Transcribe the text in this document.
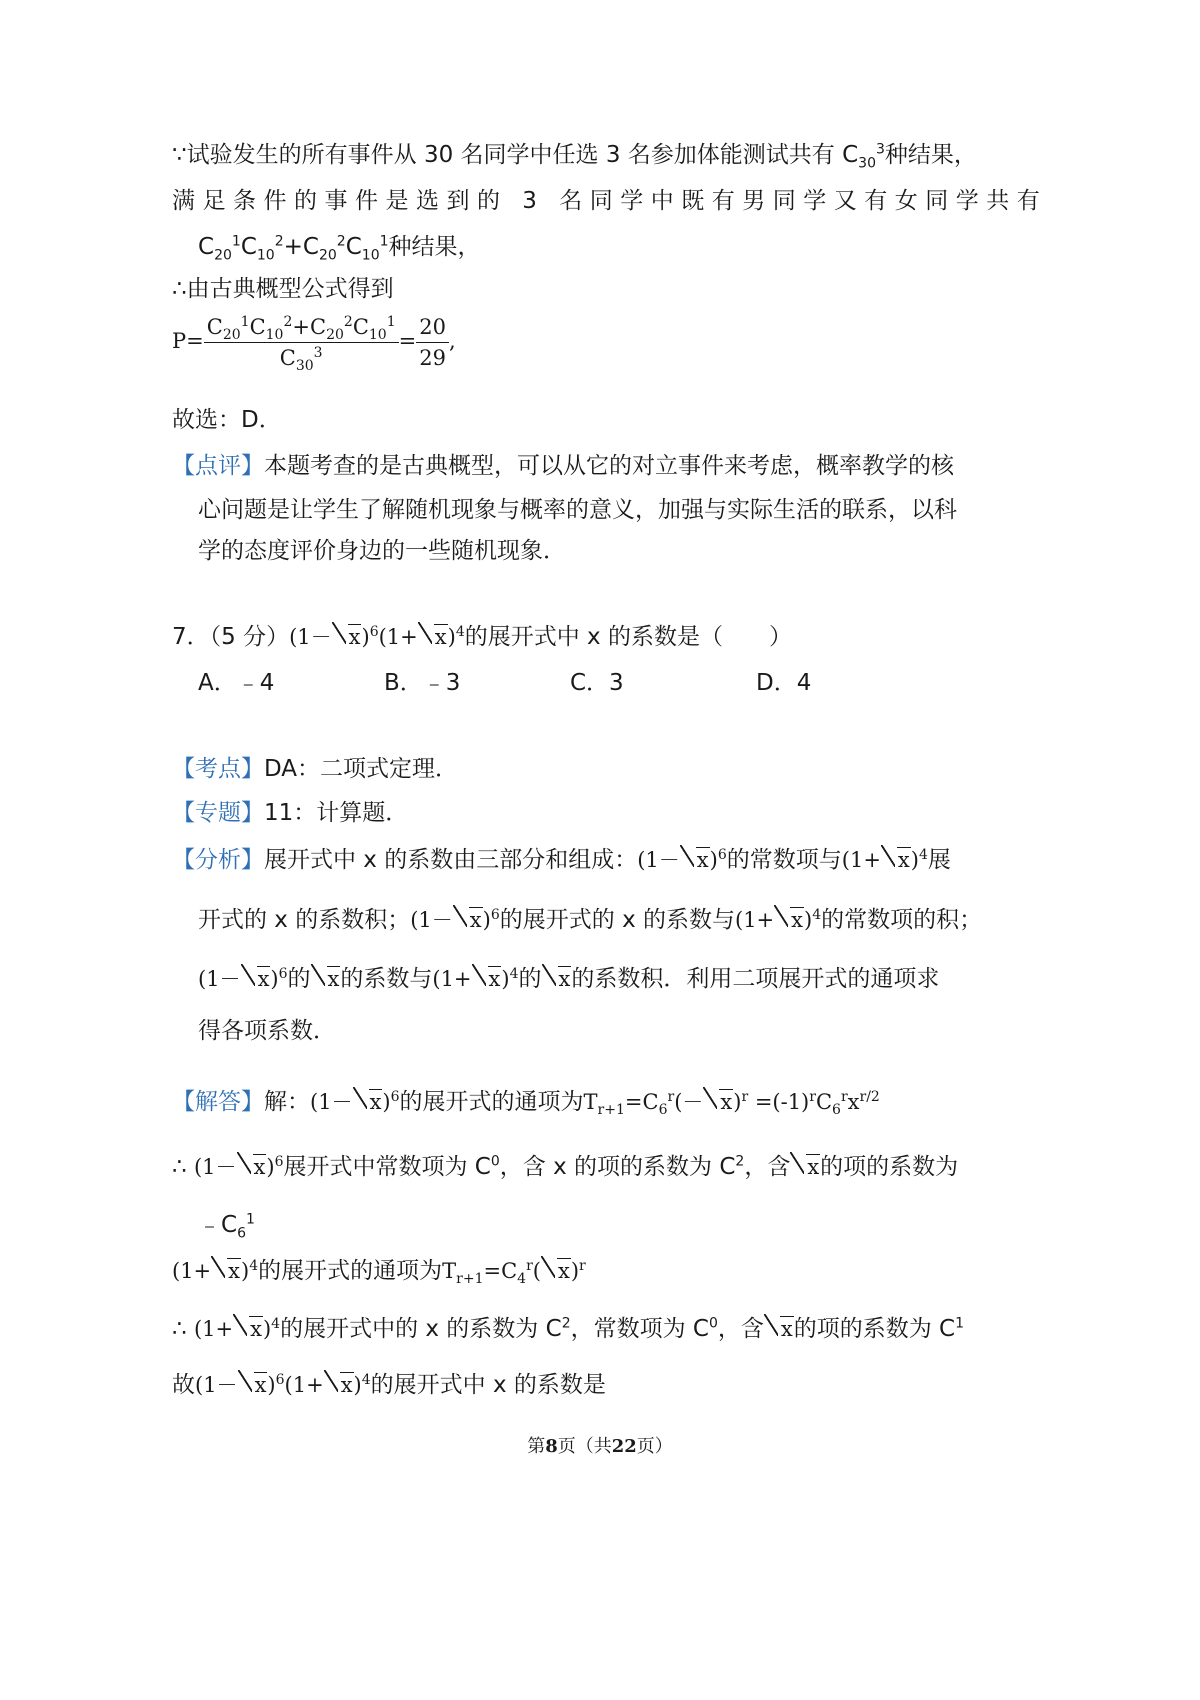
∵试验发生的所有事件从 30 名同学中任选 3 名参加体能测试共有 $C_{30}^3$种结果，
满足条件的事件是选到的 3 名同学中既有男同学又有女同学共有
$C_{20}^1C_{10}^2+C_{20}^2C_{10}^1$种结果，
∴由古典概型公式得到
$P= \frac{C_{20}^1C_{10}^2+C_{20}^2C_{10}^1}{C_{30}^3} = \frac{20}{29}$ ,
故选：D．
【点评】本题考查的是古典概型，可以从它的对立事件来考虑，概率教学的核
心问题是让学生了解随机现象与概率的意义，加强与实际生活的联系，以科
学的态度评价身边的一些随机现象．
7．（5 分）$(1- x)^6(1+ x)^4$的展开式中 x 的系数是（　　）
A．﹣4	B．﹣3	C．3	D．4
【考点】DA：二项式定理．
【专题】11：计算题．
【分析】展开式中 x 的系数由三部分和组成：$(1- x)^6$的常数项与$(1+ x)^4$展
开式的 x 的系数积；$(1- x)^6$的展开式的 x 的系数与$(1+ x)^4$的常数项的积；
$(1- x)^6$的 x的系数与$(1+ x)^4$的 x的系数积．利用二项展开式的通项求
得各项系数．
【解答】解：$(1- x)^6$的展开式的通项为$T_{r+1}=C_6^r(- x)^r =(-1)^rC_6^rx^{r/2}$
∴ $(1- x)^6$展开式中常数项为 $C^0$，含 x 的项的系数为 $C^2$，含 x的项的系数为
$﹣C_6^1$
$(1+ x)^4$的展开式的通项为$T_{r+1}=C_4^r$( x)$^r$
∴ $(1+ x)^4$的展开式中的 x 的系数为 $C^2$，常数项为 $C^0$，含 x的项的系数为 $C^1$
故$(1- x)^6(1+ x)^4$的展开式中 x 的系数是
第8页（共22页）
